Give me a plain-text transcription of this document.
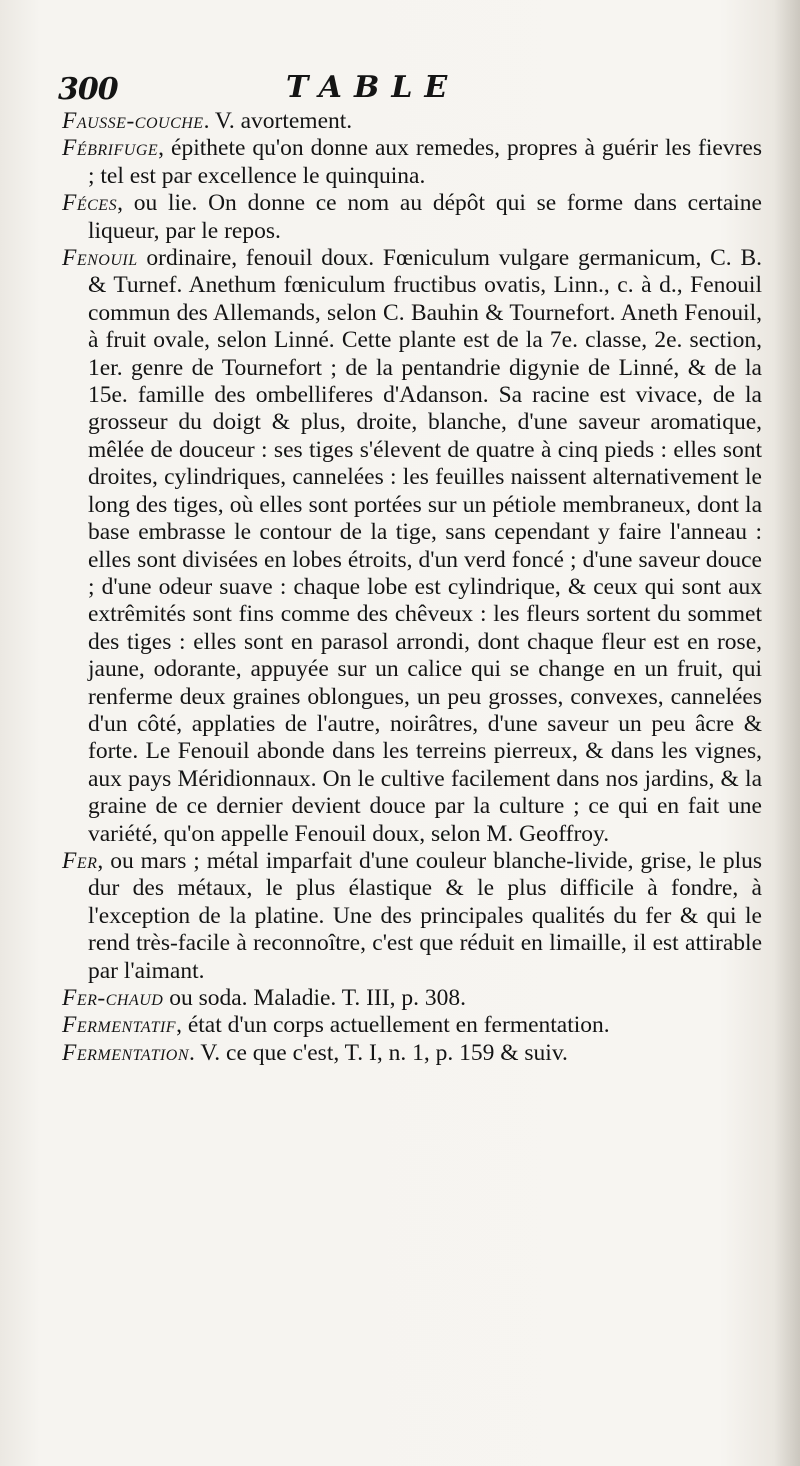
300	TABLE

Fausse-couche. V. avortement.

Fébrifuge, épithete qu'on donne aux remedes, propres à guérir les fievres ; tel est par excellence le quinquina.

Féces, ou lie. On donne ce nom au dépôt qui se forme dans certaine liqueur, par le repos.

Fenouil ordinaire, fenouil doux. Fœniculum vulgare germanicum, C. B. & Turnef. Anethum fœniculum fructibus ovatis, Linn., c. à d., Fenouil commun des Allemands, selon C. Bauhin & Tournefort. Aneth Fenouil, à fruit ovale, selon Linné. Cette plante est de la 7e. classe, 2e. section, 1er. genre de Tournefort ; de la pentandrie digynie de Linné, & de la 15e. famille des ombelliferes d'Adanson. Sa racine est vivace, de la grosseur du doigt & plus, droite, blanche, d'une saveur aromatique, mêlée de douceur : ses tiges s'élevent de quatre à cinq pieds : elles sont droites, cylindriques, cannelées : les feuilles naissent alternativement le long des tiges, où elles sont portées sur un pétiole membraneux, dont la base embrasse le contour de la tige, sans cependant y faire l'anneau : elles sont divisées en lobes étroits, d'un verd foncé ; d'une saveur douce ; d'une odeur suave : chaque lobe est cylindrique, & ceux qui sont aux extrêmités sont fins comme des chêveux : les fleurs sortent du sommet des tiges : elles sont en parasol arrondi, dont chaque fleur est en rose, jaune, odorante, appuyée sur un calice qui se change en un fruit, qui renferme deux graines oblongues, un peu grosses, convexes, cannelées d'un côté, applaties de l'autre, noirâtres, d'une saveur un peu âcre & forte. Le Fenouil abonde dans les terreins pierreux, & dans les vignes, aux pays Méridionnaux. On le cultive facilement dans nos jardins, & la graine de ce dernier devient douce par la culture ; ce qui en fait une variété, qu'on appelle Fenouil doux, selon M. Geoffroy.

Fer, ou mars ; métal imparfait d'une couleur blanche-livide, grise, le plus dur des métaux, le plus élastique & le plus difficile à fondre, à l'exception de la platine. Une des principales qualités du fer & qui le rend très-facile à reconnoître, c'est que réduit en limaille, il est attirable par l'aimant.

Fer-chaud ou soda. Maladie. T. III, p. 308.

Fermentatif, état d'un corps actuellement en fermentation.

Fermentation. V. ce que c'est, T. I, n. 1, p. 159 & suiv.
